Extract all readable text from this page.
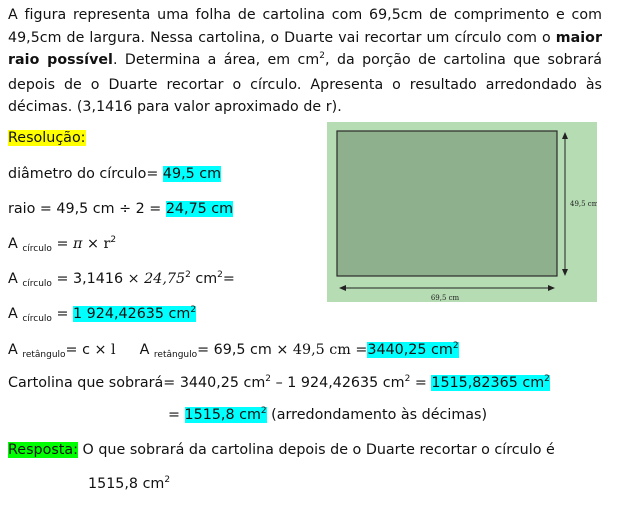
A figura representa uma folha de cartolina com 69,5cm de comprimento e com 49,5cm de largura. Nessa cartolina, o Duarte vai recortar um círculo com o maior raio possível. Determina a área, em $cm^2$, da porção de cartolina que sobrará depois de o Duarte recortar o círculo. Apresenta o resultado arredondado às décimas. (3,1416 para valor aproximado de r).
Resolução:
diâmetro do círculo= 49,5 cm
raio = 49,5 cm ÷ 2 = 24,75 cm
A $_{círculo} = \pi \times r^2$
A $_{círculo} = 3,1416 \times 24,75^2$ $cm^2=$
A $_{círculo}$ = 1 924,42635 $cm^2$
A $_{retângulo}$= c × l A $_{retângulo}$= 69,5 cm × 49,5 cm =3440,25 $cm^2$
Cartolina que sobrará= 3440,25 $cm^2 - 1$ 924,42635 $cm^2 = 1515,82365$ $cm^2$
= 1515,8 $cm^2$ (arredondamento às décimas)
Resposta: O que sobrará da cartolina depois de o Duarte recortar o círculo é
1515,8 $cm^2$
69,5 cm
49,5 cm
